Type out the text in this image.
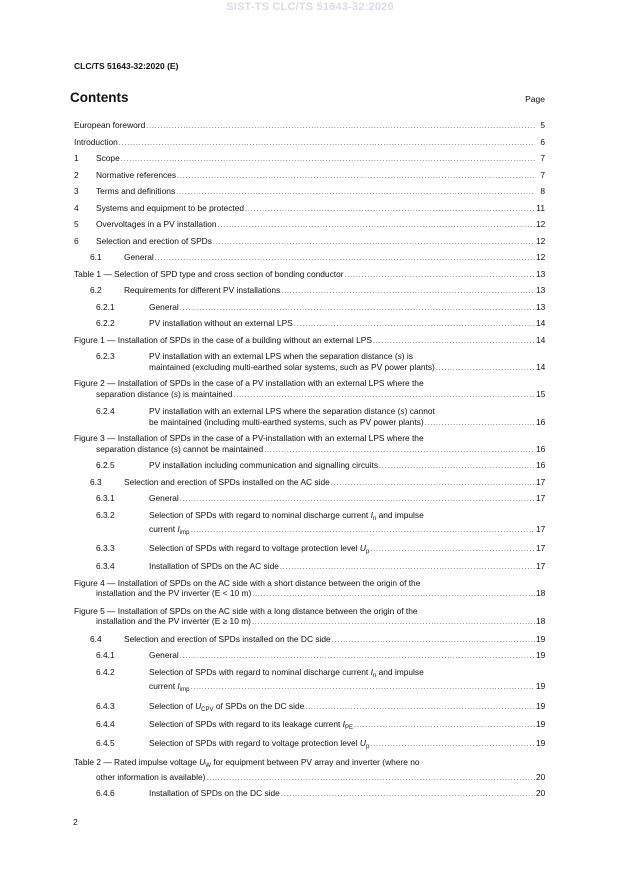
SIST-TS CLC/TS 51643-32:2020
CLC/TS 51643-32:2020 (E)
Contents	Page
European foreword .....	5
Introduction .....	6
1 Scope .....	7
2 Normative references .....	7
3 Terms and definitions .....	8
4 Systems and equipment to be protected .....	11
5 Overvoltages in a PV installation .....	12
6 Selection and erection of SPDs .....	12
6.1	General .....	12
Table 1 — Selection of SPD type and cross section of bonding conductor .....	13
6.2	Requirements for different PV installations .....	13
6.2.1	General .....	13
6.2.2	PV installation without an external LPS .....	14
Figure 1 — Installation of SPDs in the case of a building without an external LPS .....	14
6.2.3	PV installation with an external LPS when the separation distance (s) is
maintained (excluding multi-earthed solar systems, such as PV power plants) .....	14
Figure 2 — Installation of SPDs in the case of a PV installation with an external LPS where the
separation distance (s) is maintained .....	15
6.2.4	PV installation with an external LPS where the separation distance (s) cannot
be maintained (including multi-earthed systems, such as PV power plants) .....	16
Figure 3 — Installation of SPDs in the case of a PV-installation with an external LPS where the
separation distance (s) cannot be maintained .....	16
6.2.5	PV installation including communication and signalling circuits .....	16
6.3	Selection and erection of SPDs installed on the AC side .....	17
6.3.1	General .....	17
6.3.2	Selection of SPDs with regard to nominal discharge current $I_n$ and impulse
current $I_{imp}$ .....	17
6.3.3	Selection of SPDs with regard to voltage protection level $U_p$ .....	17
6.3.4	Installation of SPDs on the AC side .....	17
Figure 4 — Installation of SPDs on the AC side with a short distance between the origin of the
installation and the PV inverter (E < 10 m) .....	18
Figure 5 — Installation of SPDs on the AC side with a long distance between the origin of the
installation and the PV inverter (E ≥ 10 m) .....	18
6.4	Selection and erection of SPDs installed on the DC side .....	19
6.4.1	General .....	19
6.4.2	Selection of SPDs with regard to nominal discharge current $I_n$ and impulse
current $I_{imp}$ .....	19
6.4.3	Selection of $U_{CPV}$ of SPDs on the DC side .....	19
6.4.4	Selection of SPDs with regard to its leakage current $I_{PE}$ .....	19
6.4.5	Selection of SPDs with regard to voltage protection level $U_p$ .....	19
Table 2 — Rated impulse voltage $U_W$ for equipment between PV array and inverter (where no
other information is available) .....	20
6.4.6	Installation of SPDs on the DC side .....	20
2
